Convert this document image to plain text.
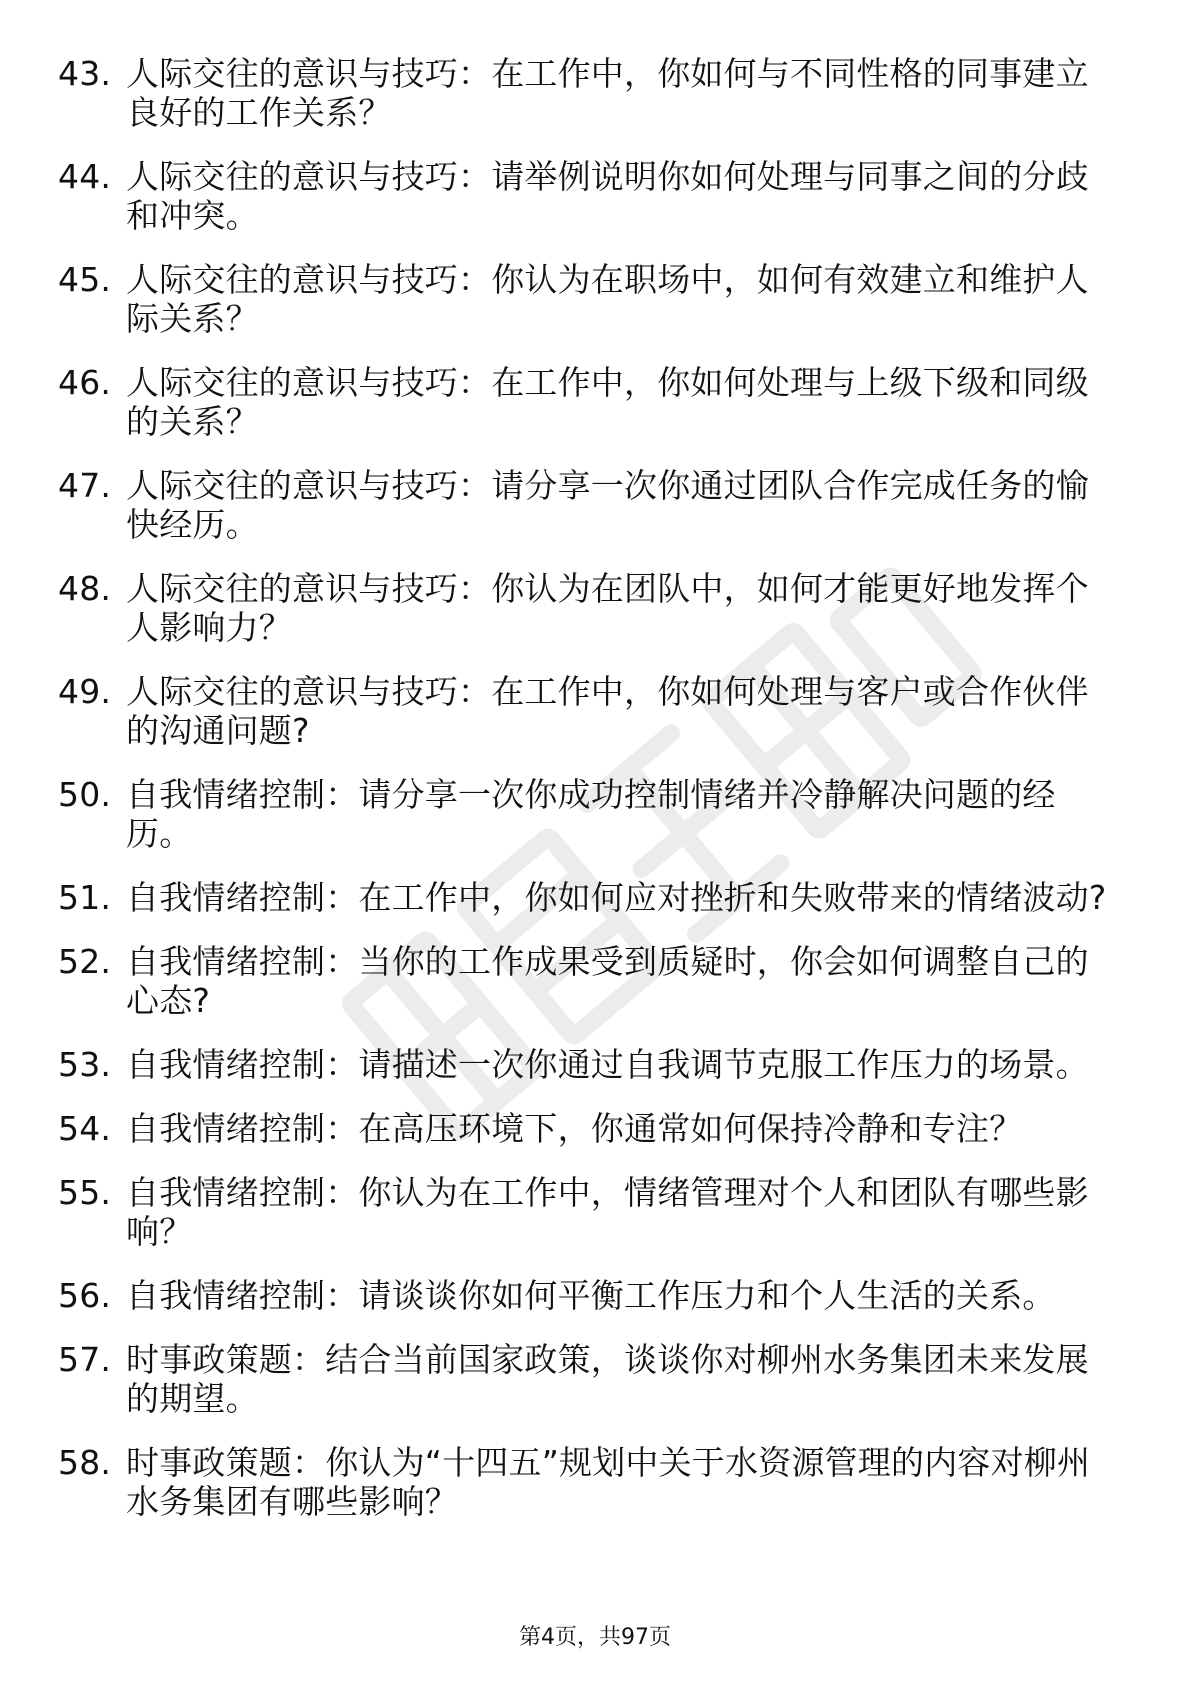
43. 人际交往的意识与技巧：在工作中，你如何与不同性格的同事建立良好的工作关系？
44. 人际交往的意识与技巧：请举例说明你如何处理与同事之间的分歧和冲突。
45. 人际交往的意识与技巧：你认为在职场中，如何有效建立和维护人际关系？
46. 人际交往的意识与技巧：在工作中，你如何处理与上级下级和同级的关系？
47. 人际交往的意识与技巧：请分享一次你通过团队合作完成任务的愉快经历。
48. 人际交往的意识与技巧：你认为在团队中，如何才能更好地发挥个人影响力？
49. 人际交往的意识与技巧：在工作中，你如何处理与客户或合作伙伴的沟通问题?
50. 自我情绪控制：请分享一次你成功控制情绪并冷静解决问题的经历。
51. 自我情绪控制：在工作中，你如何应对挫折和失败带来的情绪波动?
52. 自我情绪控制：当你的工作成果受到质疑时，你会如何调整自己的心态?
53. 自我情绪控制：请描述一次你通过自我调节克服工作压力的场景。
54. 自我情绪控制：在高压环境下，你通常如何保持冷静和专注？
55. 自我情绪控制：你认为在工作中，情绪管理对个人和团队有哪些影响？
56. 自我情绪控制：请谈谈你如何平衡工作压力和个人生活的关系。
57. 时事政策题：结合当前国家政策，谈谈你对柳州水务集团未来发展的期望。
58. 时事政策题：你认为“十四五”规划中关于水资源管理的内容对柳州水务集团有哪些影响？
第4页，共97页
